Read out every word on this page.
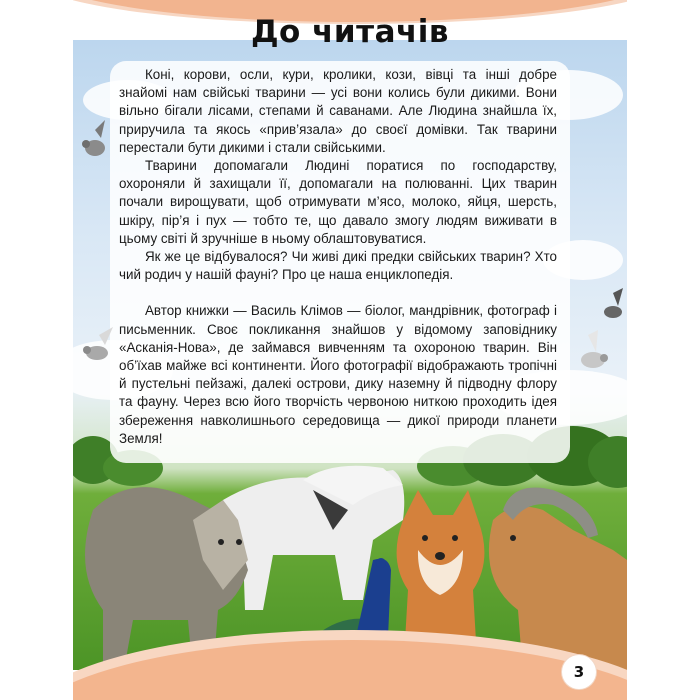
До читачів

Коні, корови, осли, кури, кролики, кози, вівці та інші добре знайомі нам свійські тварини — усі вони колись були дикими. Вони вільно бігали лісами, степами й саванами. Але Людина знайшла їх, приручила та якось «прив’язала» до своєї домівки. Так тварини перестали бути дикими і стали свійськими.

Тварини допомагали Людині поратися по господарству, охороняли й захищали її, допомагали на полюванні. Цих тварин почали вирощувати, щоб отримувати м’ясо, молоко, яйця, шерсть, шкіру, пір’я і пух — тобто те, що давало змогу людям виживати в цьому світі й зручніше в ньому облаштовуватися.

Як же це відбувалося? Чи живі дикі предки свійських тварин? Хто чий родич у нашій фауні? Про це наша енциклопедія.

Автор книжки — Василь Клімов — біолог, мандрівник, фотограф і письменник. Своє покликання знайшов у відомому заповіднику «Асканія-Нова», де займався вивченням та охороною тварин. Він об’їхав майже всі континенти. Його фотографії відображають тропічні й пустельні пейзажі, далекі острови, дику наземну й підводну флору та фауну. Через всю його творчість червоною ниткою проходить ідея збереження навколишнього середовища — дикої природи планети Земля!

3
